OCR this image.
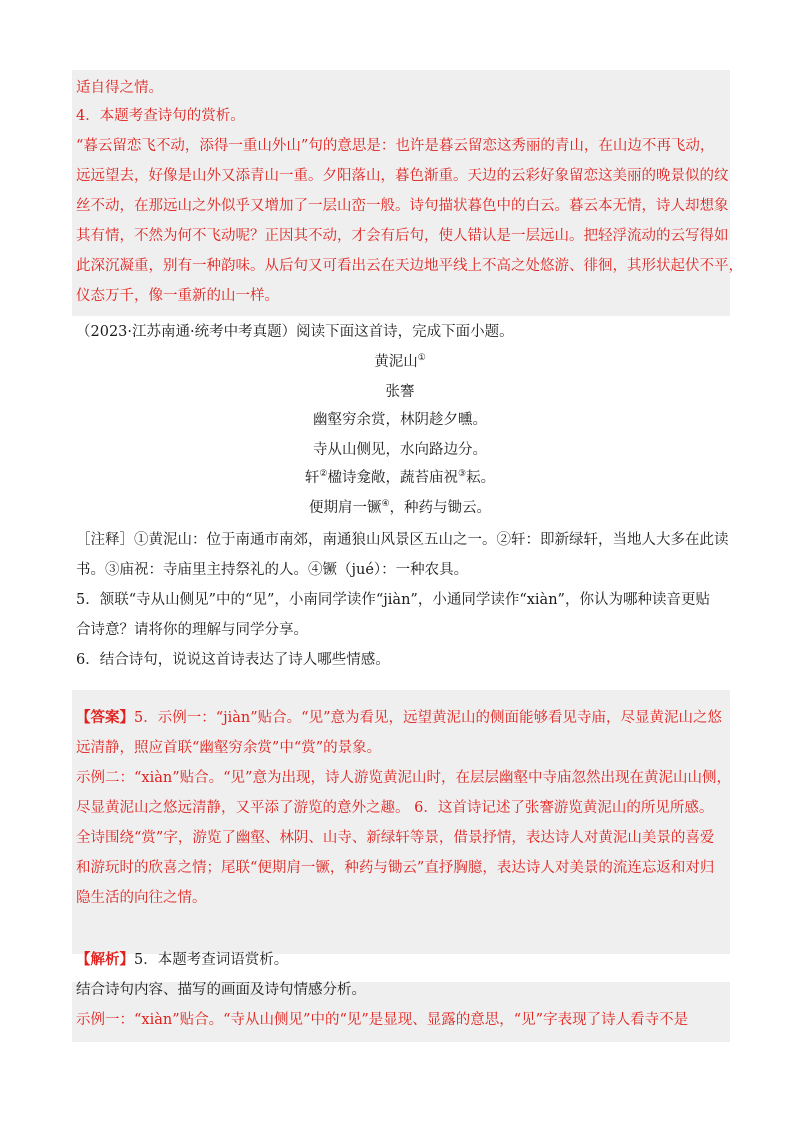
适自得之情。
4．本题考查诗句的赏析。
“暮云留恋飞不动，添得一重山外山”句的意思是：也许是暮云留恋这秀丽的青山，在山边不再飞动，
远远望去，好像是山外又添青山一重。夕阳落山，暮色渐重。天边的云彩好象留恋这美丽的晚景似的纹
丝不动，在那远山之外似乎又增加了一层山峦一般。诗句描状暮色中的白云。暮云本无情，诗人却想象
其有情，不然为何不飞动呢？正因其不动，才会有后句，使人错认是一层远山。把轻浮流动的云写得如
此深沉凝重，别有一种韵味。从后句又可看出云在天边地平线上不高之处悠游、徘徊，其形状起伏不平，
仪态万千，像一重新的山一样。
（2023·江苏南通·统考中考真题）阅读下面这首诗，完成下面小题。
黄泥山①
张謇
幽壑穷余赏，林阴趁夕曛。
寺从山侧见，水向路边分。
轩②楹诗龛敞，蔬苔庙祝③耘。
便期肩一镢④，种药与锄云。
［注释］①黄泥山：位于南通市南郊，南通狼山风景区五山之一。②轩：即新绿轩，当地人大多在此读
书。③庙祝：寺庙里主持祭礼的人。④镢（jué）：一种农具。
5．颔联“寺从山侧见”中的“见”，小南同学读作“jiàn”，小通同学读作“xiàn”，你认为哪种读音更贴
合诗意？请将你的理解与同学分享。
6．结合诗句，说说这首诗表达了诗人哪些情感。
【答案】5．示例一：“jiàn”贴合。“见”意为看见，远望黄泥山的侧面能够看见寺庙，尽显黄泥山之悠
远清静，照应首联“幽壑穷余赏”中“赏”的景象。
示例二：“xiàn”贴合。“见”意为出现，诗人游览黄泥山时，在层层幽壑中寺庙忽然出现在黄泥山山侧，
尽显黄泥山之悠远清静，又平添了游览的意外之趣。 6．这首诗记述了张謇游览黄泥山的所见所感。
全诗围绕“赏”字，游览了幽壑、林阴、山寺、新绿轩等景，借景抒情，表达诗人对黄泥山美景的喜爱
和游玩时的欣喜之情；尾联“便期肩一镢，种药与锄云”直抒胸臆，表达诗人对美景的流连忘返和对归
隐生活的向往之情。
【解析】5．本题考查词语赏析。
结合诗句内容、描写的画面及诗句情感分析。
示例一：“xiàn”贴合。“寺从山侧见”中的“见”是显现、显露的意思，“见”字表现了诗人看寺不是
